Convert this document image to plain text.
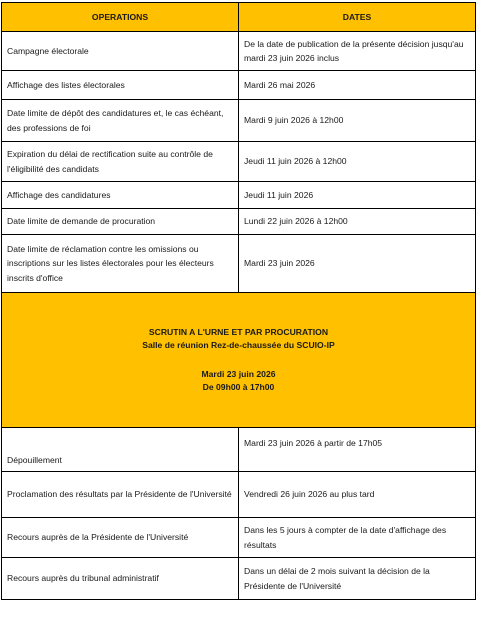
OPERATIONS	DATES
Campagne électorale	De la date de publication de la présente décision jusqu'au mardi 23 juin 2026 inclus
Affichage des listes électorales	Mardi 26 mai 2026
Date limite de dépôt des candidatures et, le cas échéant, des professions de foi	Mardi 9 juin 2026 à 12h00
Expiration du délai de rectification suite au contrôle de l'éligibilité des candidats	Jeudi 11 juin 2026 à 12h00
Affichage des candidatures	Jeudi 11 juin 2026
Date limite de demande de procuration	Lundi 22 juin 2026 à 12h00
Date limite de réclamation contre les omissions ou inscriptions sur les listes électorales pour les électeurs inscrits d'office	Mardi 23 juin 2026

SCRUTIN A L'URNE ET PAR PROCURATION
Salle de réunion Rez-de-chaussée du SCUIO-IP
Mardi 23 juin 2026
De 09h00 à 17h00	

Dépouillement	Mardi 23 juin 2026 à partir de 17h05
Proclamation des résultats par la Présidente de l'Université	Vendredi 26 juin 2026 au plus tard
Recours auprès de la Présidente de l'Université	Dans les 5 jours à compter de la date d'affichage des résultats
Recours auprès du tribunal administratif	Dans un délai de 2 mois suivant la décision de la Présidente de l'Université
